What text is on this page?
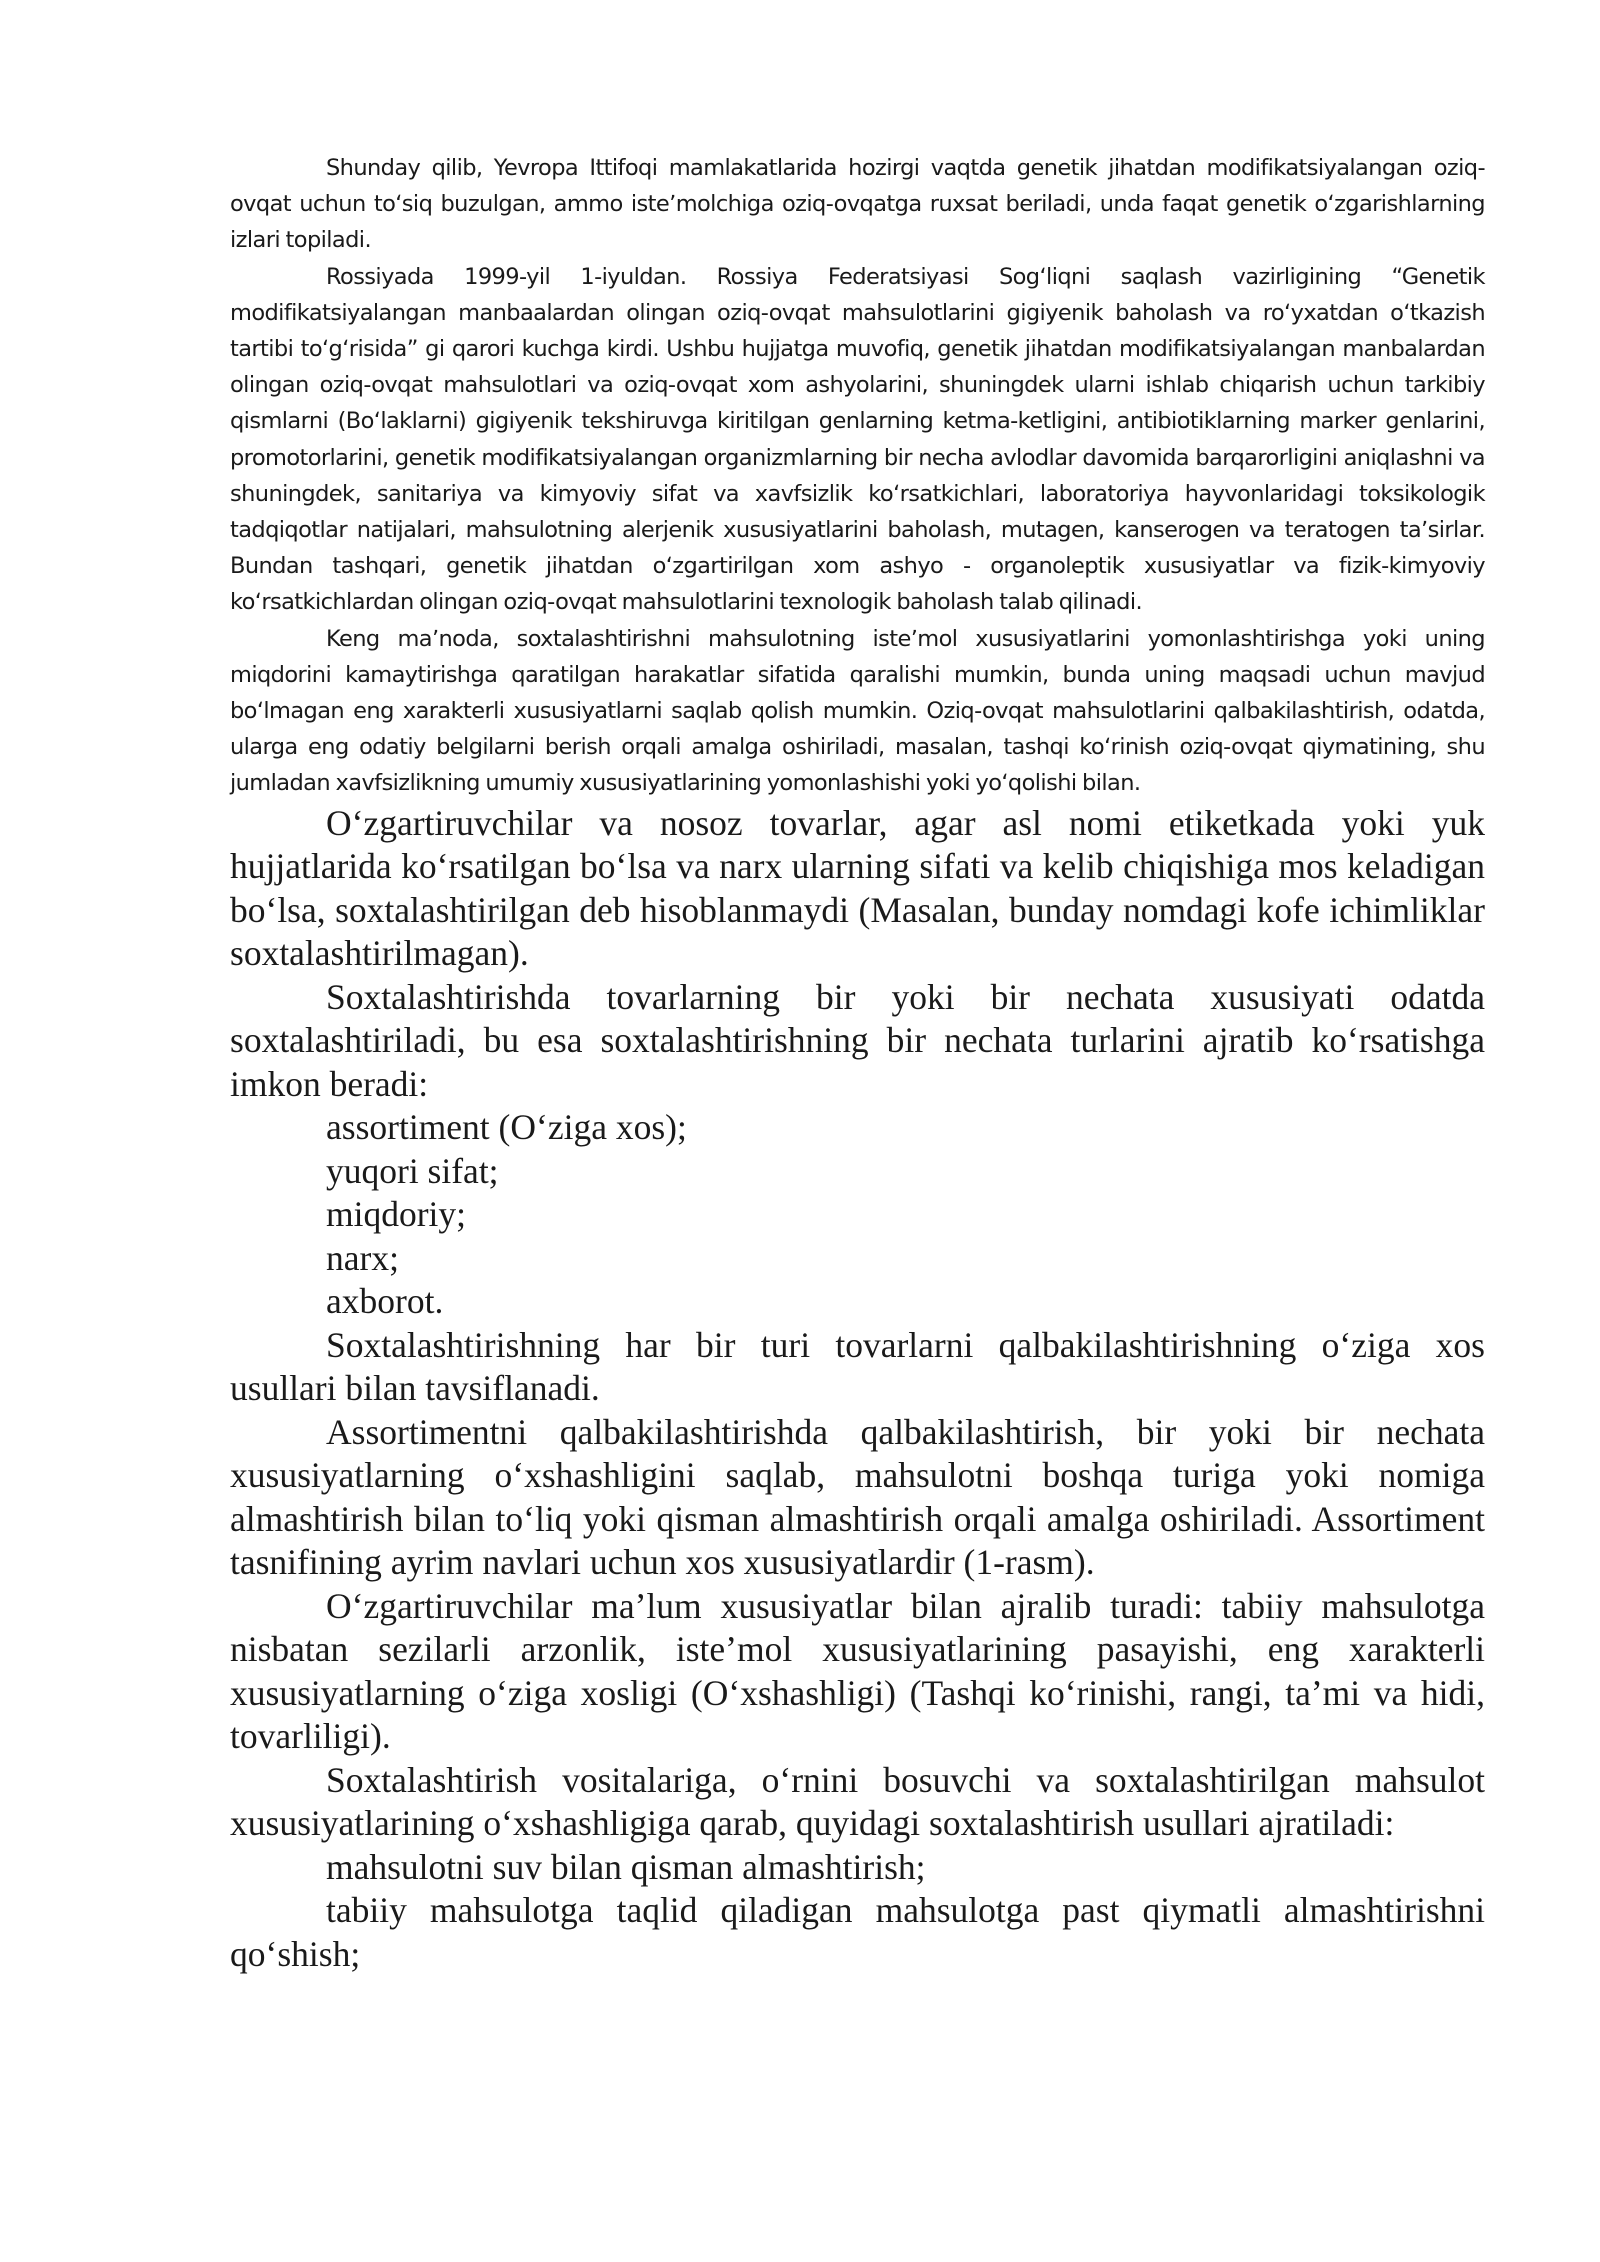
Shunday qilib, Yevropa Ittifoqi mamlakatlarida hozirgi vaqtda genetik jihatdan modifikatsiyalangan oziq-ovqat uchun toʻsiq buzulgan, ammo isteʼmolchiga oziq-ovqatga ruxsat beriladi, unda faqat genetik oʻzgarishlarning izlari topiladi.

Rossiyada 1999-yil 1-iyuldan. Rossiya Federatsiyasi Sogʻliqni saqlash vazirligining “Genetik modifikatsiyalangan manbaalardan olingan oziq-ovqat mahsulotlarini gigiyenik baholash va roʻyxatdan oʻtkazish tartibi toʻgʻrisida” gi qarori kuchga kirdi. Ushbu hujjatga muvofiq, genetik jihatdan modifikatsiyalangan manbalardan olingan oziq-ovqat mahsulotlari va oziq-ovqat xom ashyolarini, shuningdek ularni ishlab chiqarish uchun tarkibiy qismlarni (Boʻlaklarni) gigiyenik tekshiruvga kiritilgan genlarning ketma-ketligini, antibiotiklarning marker genlarini, promotorlarini, genetik modifikatsiyalangan organizmlarning bir necha avlodlar davomida barqarorligini aniqlashni va shuningdek, sanitariya va kimyoviy sifat va xavfsizlik koʻrsatkichlari, laboratoriya hayvonlaridagi toksikologik tadqiqotlar natijalari, mahsulotning alerjenik xususiyatlarini baholash, mutagen, kanserogen va teratogen taʼsirlar. Bundan tashqari, genetik jihatdan oʻzgartirilgan xom ashyo - organoleptik xususiyatlar va fizik-kimyoviy koʻrsatkichlardan olingan oziq-ovqat mahsulotlarini texnologik baholash talab qilinadi.

Keng maʼnoda, soxtalashtirishni mahsulotning isteʼmol xususiyatlarini yomonlashtirishga yoki uning miqdorini kamaytirishga qaratilgan harakatlar sifatida qaralishi mumkin, bunda uning maqsadi uchun mavjud boʻlmagan eng xarakterli xususiyatlarni saqlab qolish mumkin. Oziq-ovqat mahsulotlarini qalbakilashtirish, odatda, ularga eng odatiy belgilarni berish orqali amalga oshiriladi, masalan, tashqi koʻrinish oziq-ovqat qiymatining, shu jumladan xavfsizlikning umumiy xususiyatlarining yomonlashishi yoki yoʻqolishi bilan.

Oʻzgartiruvchilar va nosoz tovarlar, agar asl nomi etiketkada yoki yuk hujjatlarida koʻrsatilgan boʻlsa va narx ularning sifati va kelib chiqishiga mos keladigan boʻlsa, soxtalashtirilgan deb hisoblanmaydi (Masalan, bunday nomdagi kofe ichimliklar soxtalashtirilmagan).

Soxtalashtirishda tovarlarning bir yoki bir nechata xususiyati odatda soxtalashtiriladi, bu esa soxtalashtirishning bir nechata turlarini ajratib koʻrsatishga imkon beradi:

assortiment (Oʻziga xos);

yuqori sifat;

miqdoriy;

narx;

axborot.

Soxtalashtirishning har bir turi tovarlarni qalbakilashtirishning oʻziga xos usullari bilan tavsiflanadi.

Assortimentni qalbakilashtirishda qalbakilashtirish, bir yoki bir nechata xususiyatlarning oʻxshashligini saqlab, mahsulotni boshqa turiga yoki nomiga almashtirish bilan toʻliq yoki qisman almashtirish orqali amalga oshiriladi. Assortiment tasnifining ayrim navlari uchun xos xususiyatlardir (1-rasm).

Oʻzgartiruvchilar maʼlum xususiyatlar bilan ajralib turadi: tabiiy mahsulotga nisbatan sezilarli arzonlik, isteʼmol xususiyatlarining pasayishi, eng xarakterli xususiyatlarning oʻziga xosligi (Oʻxshashligi) (Tashqi koʻrinishi, rangi, taʼmi va hidi, tovarliligi).

Soxtalashtirish vositalariga, oʻrnini bosuvchi va soxtalashtirilgan mahsulot xususiyatlarining oʻxshashligiga qarab, quyidagi soxtalashtirish usullari ajratiladi:

mahsulotni suv bilan qisman almashtirish;

tabiiy mahsulotga taqlid qiladigan mahsulotga past qiymatli almashtirishni qoʻshish;
